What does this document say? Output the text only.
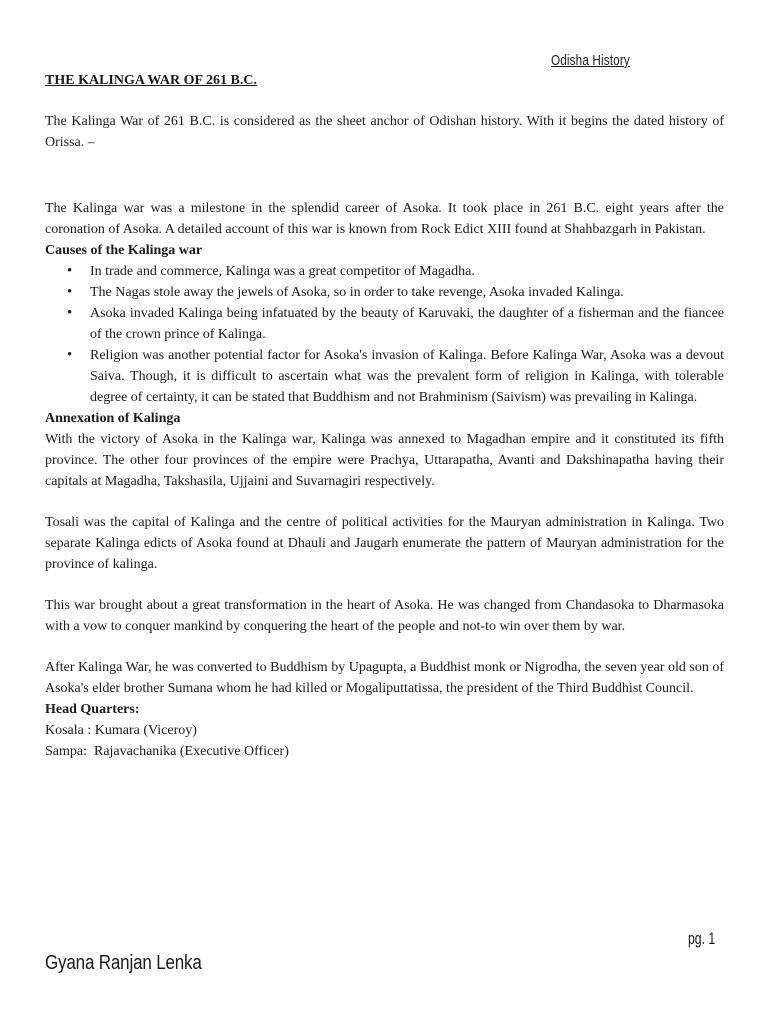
Odisha History

THE KALINGA WAR OF 261 B.C.

The Kalinga War of 261 B.C. is considered as the sheet anchor of Odishan history. With it begins the dated history of Orissa. –

The Kalinga war was a milestone in the splendid career of Asoka. It took place in 261 B.C. eight years after the coronation of Asoka. A detailed account of this war is known from Rock Edict XIII found at Shahbazgarh in Pakistan.

Causes of the Kalinga war

• In trade and commerce, Kalinga was a great competitor of Magadha.
• The Nagas stole away the jewels of Asoka, so in order to take revenge, Asoka invaded Kalinga.
• Asoka invaded Kalinga being infatuated by the beauty of Karuvaki, the daughter of a fisherman and the fiancee of the crown prince of Kalinga.
• Religion was another potential factor for Asoka's invasion of Kalinga. Before Kalinga War, Asoka was a devout Saiva. Though, it is difficult to ascertain what was the prevalent form of religion in Kalinga, with tolerable degree of certainty, it can be stated that Buddhism and not Brahminism (Saivism) was prevailing in Kalinga.

Annexation of Kalinga

With the victory of Asoka in the Kalinga war, Kalinga was annexed to Magadhan empire and it constituted its fifth province. The other four provinces of the empire were Prachya, Uttarapatha, Avanti and Dakshinapatha having their capitals at Magadha, Takshasila, Ujjaini and Suvarnagiri respectively.

Tosali was the capital of Kalinga and the centre of political activities for the Mauryan administration in Kalinga. Two separate Kalinga edicts of Asoka found at Dhauli and Jaugarh enumerate the pattern of Mauryan administration for the province of kalinga.

This war brought about a great transformation in the heart of Asoka. He was changed from Chandasoka to Dharmasoka with a vow to conquer mankind by conquering the heart of the people and not-to win over them by war.

After Kalinga War, he was converted to Buddhism by Upagupta, a Buddhist monk or Nigrodha, the seven year old son of Asoka's elder brother Sumana whom he had killed or Mogaliputtatissa, the president of the Third Buddhist Council.

Head Quarters:

Kosala : Kumara (Viceroy)

Sampa:  Rajavachanika (Executive Officer)

pg. 1
Gyana Ranjan Lenka
